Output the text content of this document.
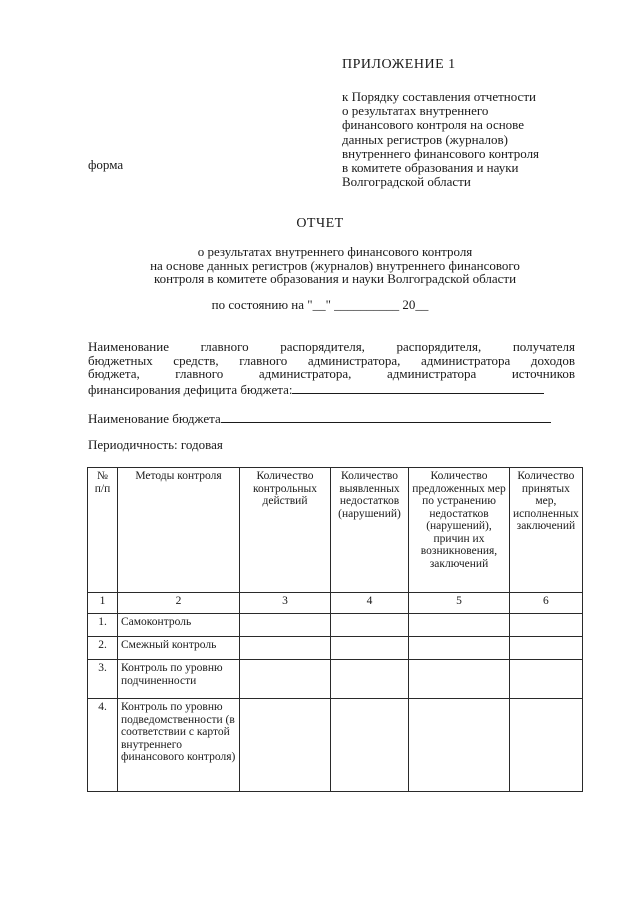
ПРИЛОЖЕНИЕ 1
к Порядку составления отчетности
о результатах внутреннего
финансового контроля на основе
данных регистров (журналов)
внутреннего финансового контроля
в комитете образования и науки
Волгоградской области
форма
ОТЧЕТ
о результатах внутреннего финансового контроля
на основе данных регистров (журналов) внутреннего финансового
контроля в комитете образования и науки Волгоградской области
по состоянию на "__" __________ 20__
Наименование главного распорядителя, распорядителя, получателя
бюджетных средств, главного администратора, администратора доходов
бюджета, главного администратора, администратора источников
финансирования дефицита бюджета:
Наименование бюджета
Периодичность: годовая
№ п/п	Методы контроля	Количество контрольных действий	Количество выявленных недостатков (нарушений)	Количество предложенных мер по устранению недостатков (нарушений), причин их возникновения, заключений	Количество принятых мер, исполненных заключений
1	2	3	4	5	6
1.	Самоконтроль				
2.	Смежный контроль				
3.	Контроль по уровню подчиненности				
4.	Контроль по уровню подведомственности (в соответствии с картой внутреннего финансового контроля)				
